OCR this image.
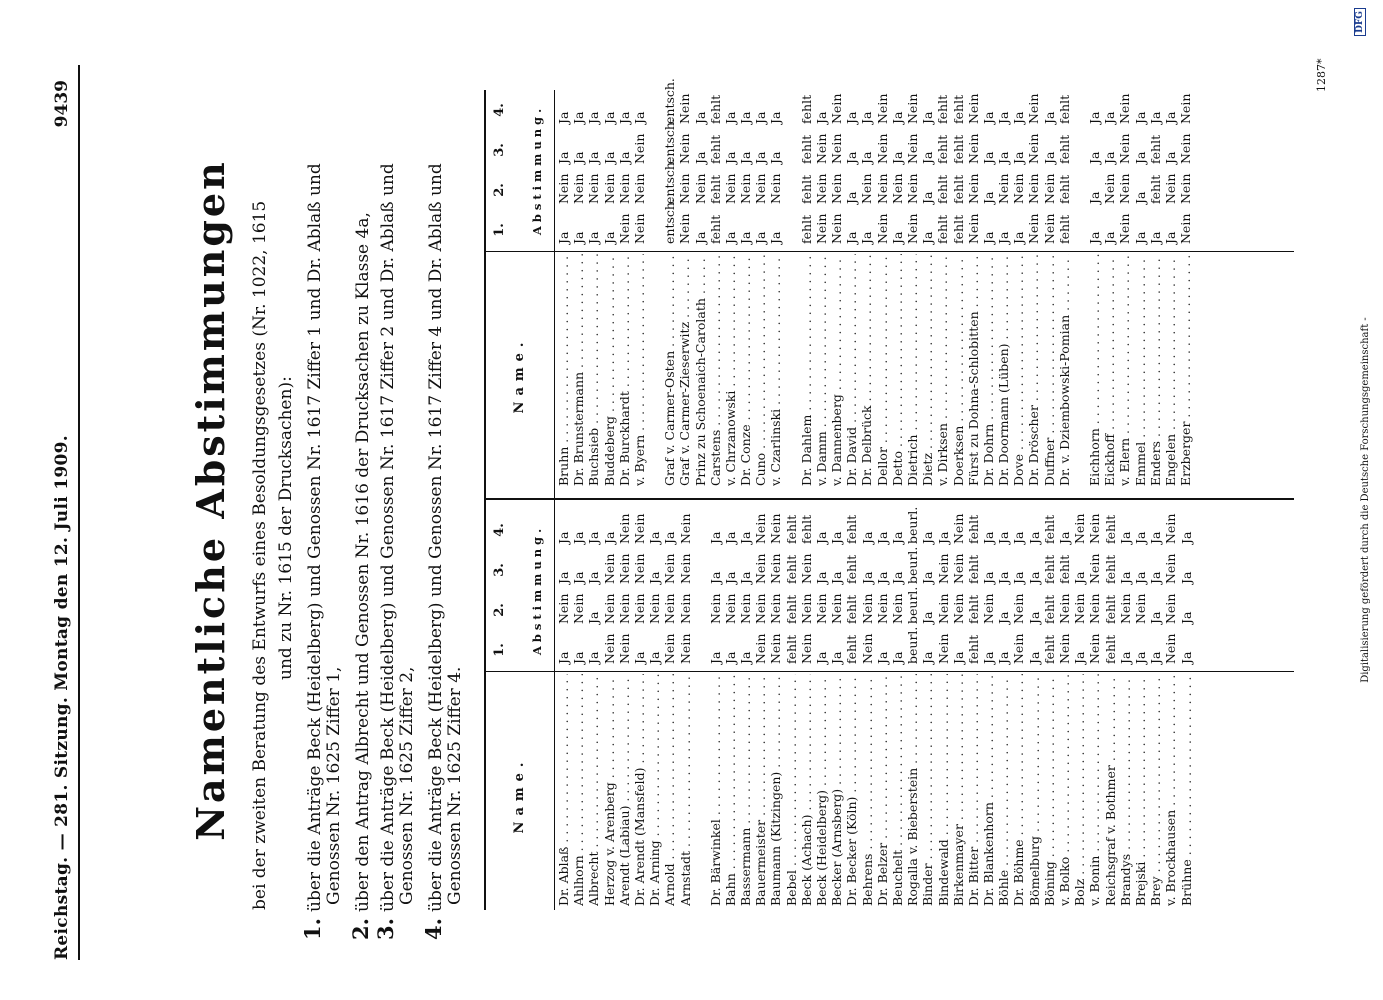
Reichstag. — 281. Sitzung. Montag den 12. Juli 1909.
9439
Namentliche Abstimmungen bei der zweiten Beratung des Entwurfs eines Besoldungsgesetzes (Nr. 1022, 1615 und zu Nr. 1615 der Drucksachen):
1.über die Anträge Beck (Heidelberg) und Genossen Nr. 1617 Ziffer 1 und Dr. Ablaß und Genossen Nr. 1625 Ziffer 1,
2.über den Antrag Albrecht und Genossen Nr. 1616 der Drucksachen zu Klasse 4a,
3.über die Anträge Beck (Heidelberg) und Genossen Nr. 1617 Ziffer 2 und Dr. Ablaß und Genossen Nr. 1625 Ziffer 2,
4.über die Anträge Beck (Heidelberg) und Genossen Nr. 1617 Ziffer 4 und Dr. Ablaß und Genossen Nr. 1625 Ziffer 4.	Name.
1.
2.
3.
4. Abstimmung.
Dr. Ablaß . . .
Ja
Nein
Ja
Ja
Ahlhorn . . .
Ja
Nein
Ja
Ja
Albrecht . . .
Ja
Ja
Ja
Ja
Herzog v. Arenberg . . .
Nein
Nein
Nein
Ja
Arendt (Labiau) . . .
Nein
Nein
Nein
Nein
Dr. Arendt (Mansfeld) . . .
Ja
Nein
Nein
Nein
Dr. Arning . . .
Ja
Nein
Ja
Ja
Arnold . . .
Nein
Nein
Nein
Ja
Arnstadt . . .
Nein
Nein
Nein
Nein
Dr. Bärwinkel . . .
Ja
Nein
Ja
Ja
Bahn . . .
Ja
Nein
Ja
Ja
Bassermann . . .
Ja
Nein
Ja
Ja
Bauermeister . . .
Nein
Nein
Nein
Nein
Baumann (Kitzingen) . . .
Nein
Nein
Nein
Nein
Bebel . . .
fehlt
fehlt
fehlt
fehlt
Beck (Achach) . . .
Nein
Nein
Nein
fehlt
Beck (Heidelberg) . . .
Ja
Nein
Ja
Ja
Becker (Arnsberg) . . .
Ja
Nein
Ja
Ja
Dr. Becker (Köln) . . .
fehlt
fehlt
fehlt
fehlt
Behrens . . .
Nein
Nein
Ja
Ja
Dr. Belzer . . .
Ja
Nein
Ja
Ja
Beuchelt . . .
Ja
Nein
Ja
Ja
Rogalla v. Bieberstein . . .
beurl.
beurl.
beurl.
beurl.
Binder . . .
Ja
Ja
Ja
Ja
Bindewald . . .
Nein
Nein
Nein
Ja
Birkenmayer . . .
Ja
Nein
Nein
Nein
Dr. Bitter . . .
fehlt
fehlt
fehlt
fehlt
Dr. Blankenhorn . . .
Ja
Nein
Ja
Ja
Böhle . . .
Ja
Ja
Ja
Ja
Dr. Böhme . . .
Nein
Nein
Ja
Ja
Bömelburg . . .
Ja
Ja
Ja
Ja
Böning . . .
fehlt
fehlt
fehlt
fehlt
v. Bolko . . .
Nein
Nein
fehlt
Ja
Bolz . . .
Ja
Nein
Ja
Nein
v. Bonin . . .
Nein
Nein
Nein
Nein
Reichsgraf v. Bothmer . . .
fehlt
fehlt
fehlt
fehlt
Brandys . . .
Ja
Nein
Ja
Ja
Brejski . . .
Ja
Nein
Ja
Ja
Brey . . .
Ja
Ja
Ja
Ja
v. Brockhausen . . .
Nein
Nein
Nein
Nein
Brühne . . .
Ja
Ja
Ja
Ja
Name.
1.
2.
3.
4. Abstimmung.
Bruhn . . .
Ja
Nein
Ja
Ja
Dr. Brunstermann . . .
Ja
Nein
Ja
Ja
Buchsieb . . .
Ja
Nein
Ja
Ja
Buddeberg . . .
Ja
Nein
Ja
Ja
Dr. Burckhardt . . .
Nein
Nein
Ja
Ja
v. Byern . . .
Nein
Nein
Nein
Ja
Graf v. Carmer-Osten . . .
entsch.
entsch.
entsch.
entsch.
Graf v. Carmer-Zieserwitz . . .
Nein
Nein
Nein
Nein
Prinz zu Schoenaich-Carolath . . .
Ja
Nein
Ja
Ja
Carstens . . .
fehlt
fehlt
fehlt
fehlt
v. Chrzanowski . . .
Ja
Nein
Ja
Ja
Dr. Conze . . .
Ja
Nein
Ja
Ja
Cuno . . .
Ja
Nein
Ja
Ja
v. Czarlinski . . .
Ja
Nein
Ja
Ja
Dr. Dahlem . . .
fehlt
fehlt
fehlt
fehlt
v. Damm . . .
Nein
Nein
Nein
Ja
v. Dannenberg . . .
Nein
Nein
Nein
Nein
Dr. David . . .
Ja
Ja
Ja
Ja
Dr. Delbrück . . .
Ja
Nein
Ja
Ja
Dellor . . .
Nein
Nein
Nein
Nein
Detto . . .
Ja
Nein
Ja
Ja
Dietrich . . .
Nein
Nein
Nein
Nein
Dietz . . .
Ja
Ja
Ja
Ja
v. Dirksen . . .
fehlt
fehlt
fehlt
fehlt
Doerksen . . .
fehlt
fehlt
fehlt
fehlt
Fürst zu Dohna-Schlobitten . . .
Nein
Nein
Nein
Nein
Dr. Dohrn . . .
Ja
Ja
Ja
Ja
Dr. Doormann (Lüben) . . .
Ja
Nein
Ja
Ja
Dove . . .
Ja
Nein
Ja
Ja
Dr. Dröscher . . .
Nein
Nein
Nein
Nein
Duffner . . .
Nein
Nein
Ja
Ja
Dr. v. Dziembowski-Pomian . . .
fehlt
fehlt
fehlt
fehlt
Eichhorn . . .
Ja
Ja
Ja
Ja
Eickhoff . . .
Ja
Nein
Ja
Ja
v. Elern . . .
Nein
Nein
Nein
Nein
Emmel . . .
Ja
Ja
Ja
Ja
Enders . . .
Ja
fehlt
fehlt
Ja
Engelen . . .
Ja
Nein
Ja
Ja
Erzberger . . .
Nein
Nein
Nein
Nein
1287*
Digitalisierung gefördert durch die Deutsche Forschungsgemeinschaft -
DFG
